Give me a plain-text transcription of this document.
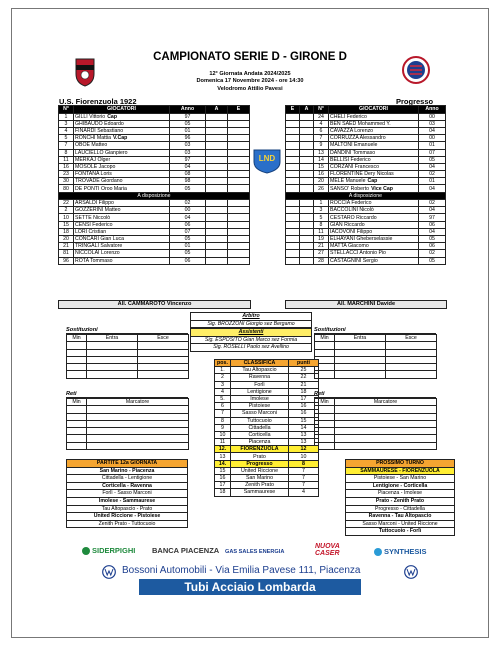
CAMPIONATO SERIE D - GIRONE D
12° Giornata Andata 2024/2025
Domenica 17 Novembre 2024 - ore 14:30
Velodromo Attilio Pavesi
U.S. Fiorenzuola 1922	Progresso
N°	GIOCATORI	Anno	A	E
1	GILLI Vittorio Cap	97		
3	GHIBAUDO Edoardo	05		
4	FINARDI Sebastiano	01		
5	RONCHI Mattia V.Cap	96		
7	OBOE Matteo	03		
8	LAUCIELLO Gianpiero	03		
11	MERKAJ Olger	97		
16	MOSOLE Jacopo	04		
23	FONTANA Loris	08		
30	TROVADE Giordano	98		
80	DE PONTI Oroo Maria	05		
A disposizione				
22	ARSALDI Filippo	02		
2	GOZZERINI Matteo	00		
10	SETTE Niccolò	04		
15	CENSI Federico	06		
18	LORI Cristian	07		
20	CONCARI Gian Luca	05		
21	TRINGALI Salvatore	01		
81	NICCOLAI Lorenzo	05		
96	ROTA Tommaso	06		
All. CAMMAROTO Vincenzo
LND
E	A	N°	GIOCATORI	Anno
		24	CHELI Federico	00
		4	BEN SAED Mohammed Y.	03
		6	CAVAZZA Lorenzo	04
		7	CORRUZZA Alessandro	00
		9	MALTONI Emanuele	01
		13	DANDINI Tommaso	07
		14	BELLISI Federico	05
		15	CORZANI Francesco	04
		16	FLORENTINE Dery Nicolas	02
		20	MELE Manuele Cap	01
		26	SANSO' Roberto Vice Cap	04
A disposizione				
		1	ROCCIA Federico	02
		3	BACCOLINI Nicolò	04
		5	CESTARO Riccardo	97
		8	GIAN Riccardo	06
		11	IACOVONI Filippo	04
		19	ELHAYANI Gheberselassie	05
		21	MATTA Giacomo	06
		27	STELLACCI Antonio Pio	02
		28	CASTAGNINI Sergio	05
All. MARCHINI Davide
Arbitro
Sig. BROZZONI Giorgio sez Bergamo
Assistenti
Sig. ESPOSITO Gian Marco sez Formia
Sig. ROSELLI Paolo sez Avellino
Sostituzioni
Min	Entra	Esce

Sostituzioni
Min	Entra	Esce

Reti
Min	Marcatore

Reti
Min	Marcatore

pos.	CLASSIFICA	punti
1.	Tau Altopascio	25
2	Ravenna	22
3	Forlì	21
4	Lentigione	18
5.	Imolese	17
6	Pistoiese	16
7	Sasso Marconi	16
8	Tuttocuoio	15
9	Cittadella	14
10	Corticella	13
11	Piacenza	13
12.	FIORENZUOLA	12
13	Prato	10
14.	Progresso	8
15	United Riccione	7
16	San Marino	7
17	Zenith Prato	7
18	Sammaurese	4
PARTITE 12a GIORNATA
San Marino - Piacenza
Cittadella - Lentigione
Corticella - Ravenna
Forlì - Sasso Marconi
Imolese - Sammaurese
Tau Altopascio - Prato
United Riccione - Pistoiese
Zenith Prato - Tuttocuoio
PROSSIMO TURNO
SAMMAURESE - FIORENZUOLA
Pistoiese - San Marino
Lentigione - Corticella
Piacenza - Imolese
Prato - Zenith Prato
Progresso - Cittadella
Ravenna - Tau Altopascio
Sasso Marconi - United Riccione
Tuttocuoio - Forlì
SIDERPIGHI BANCA PIACENZA GAS SALES ENERGIA
NUOVA CASER	SYNTHESIS
Bossoni Automobili - Via Emilia Pavese 111, Piacenza
Tubi Acciaio Lombarda
